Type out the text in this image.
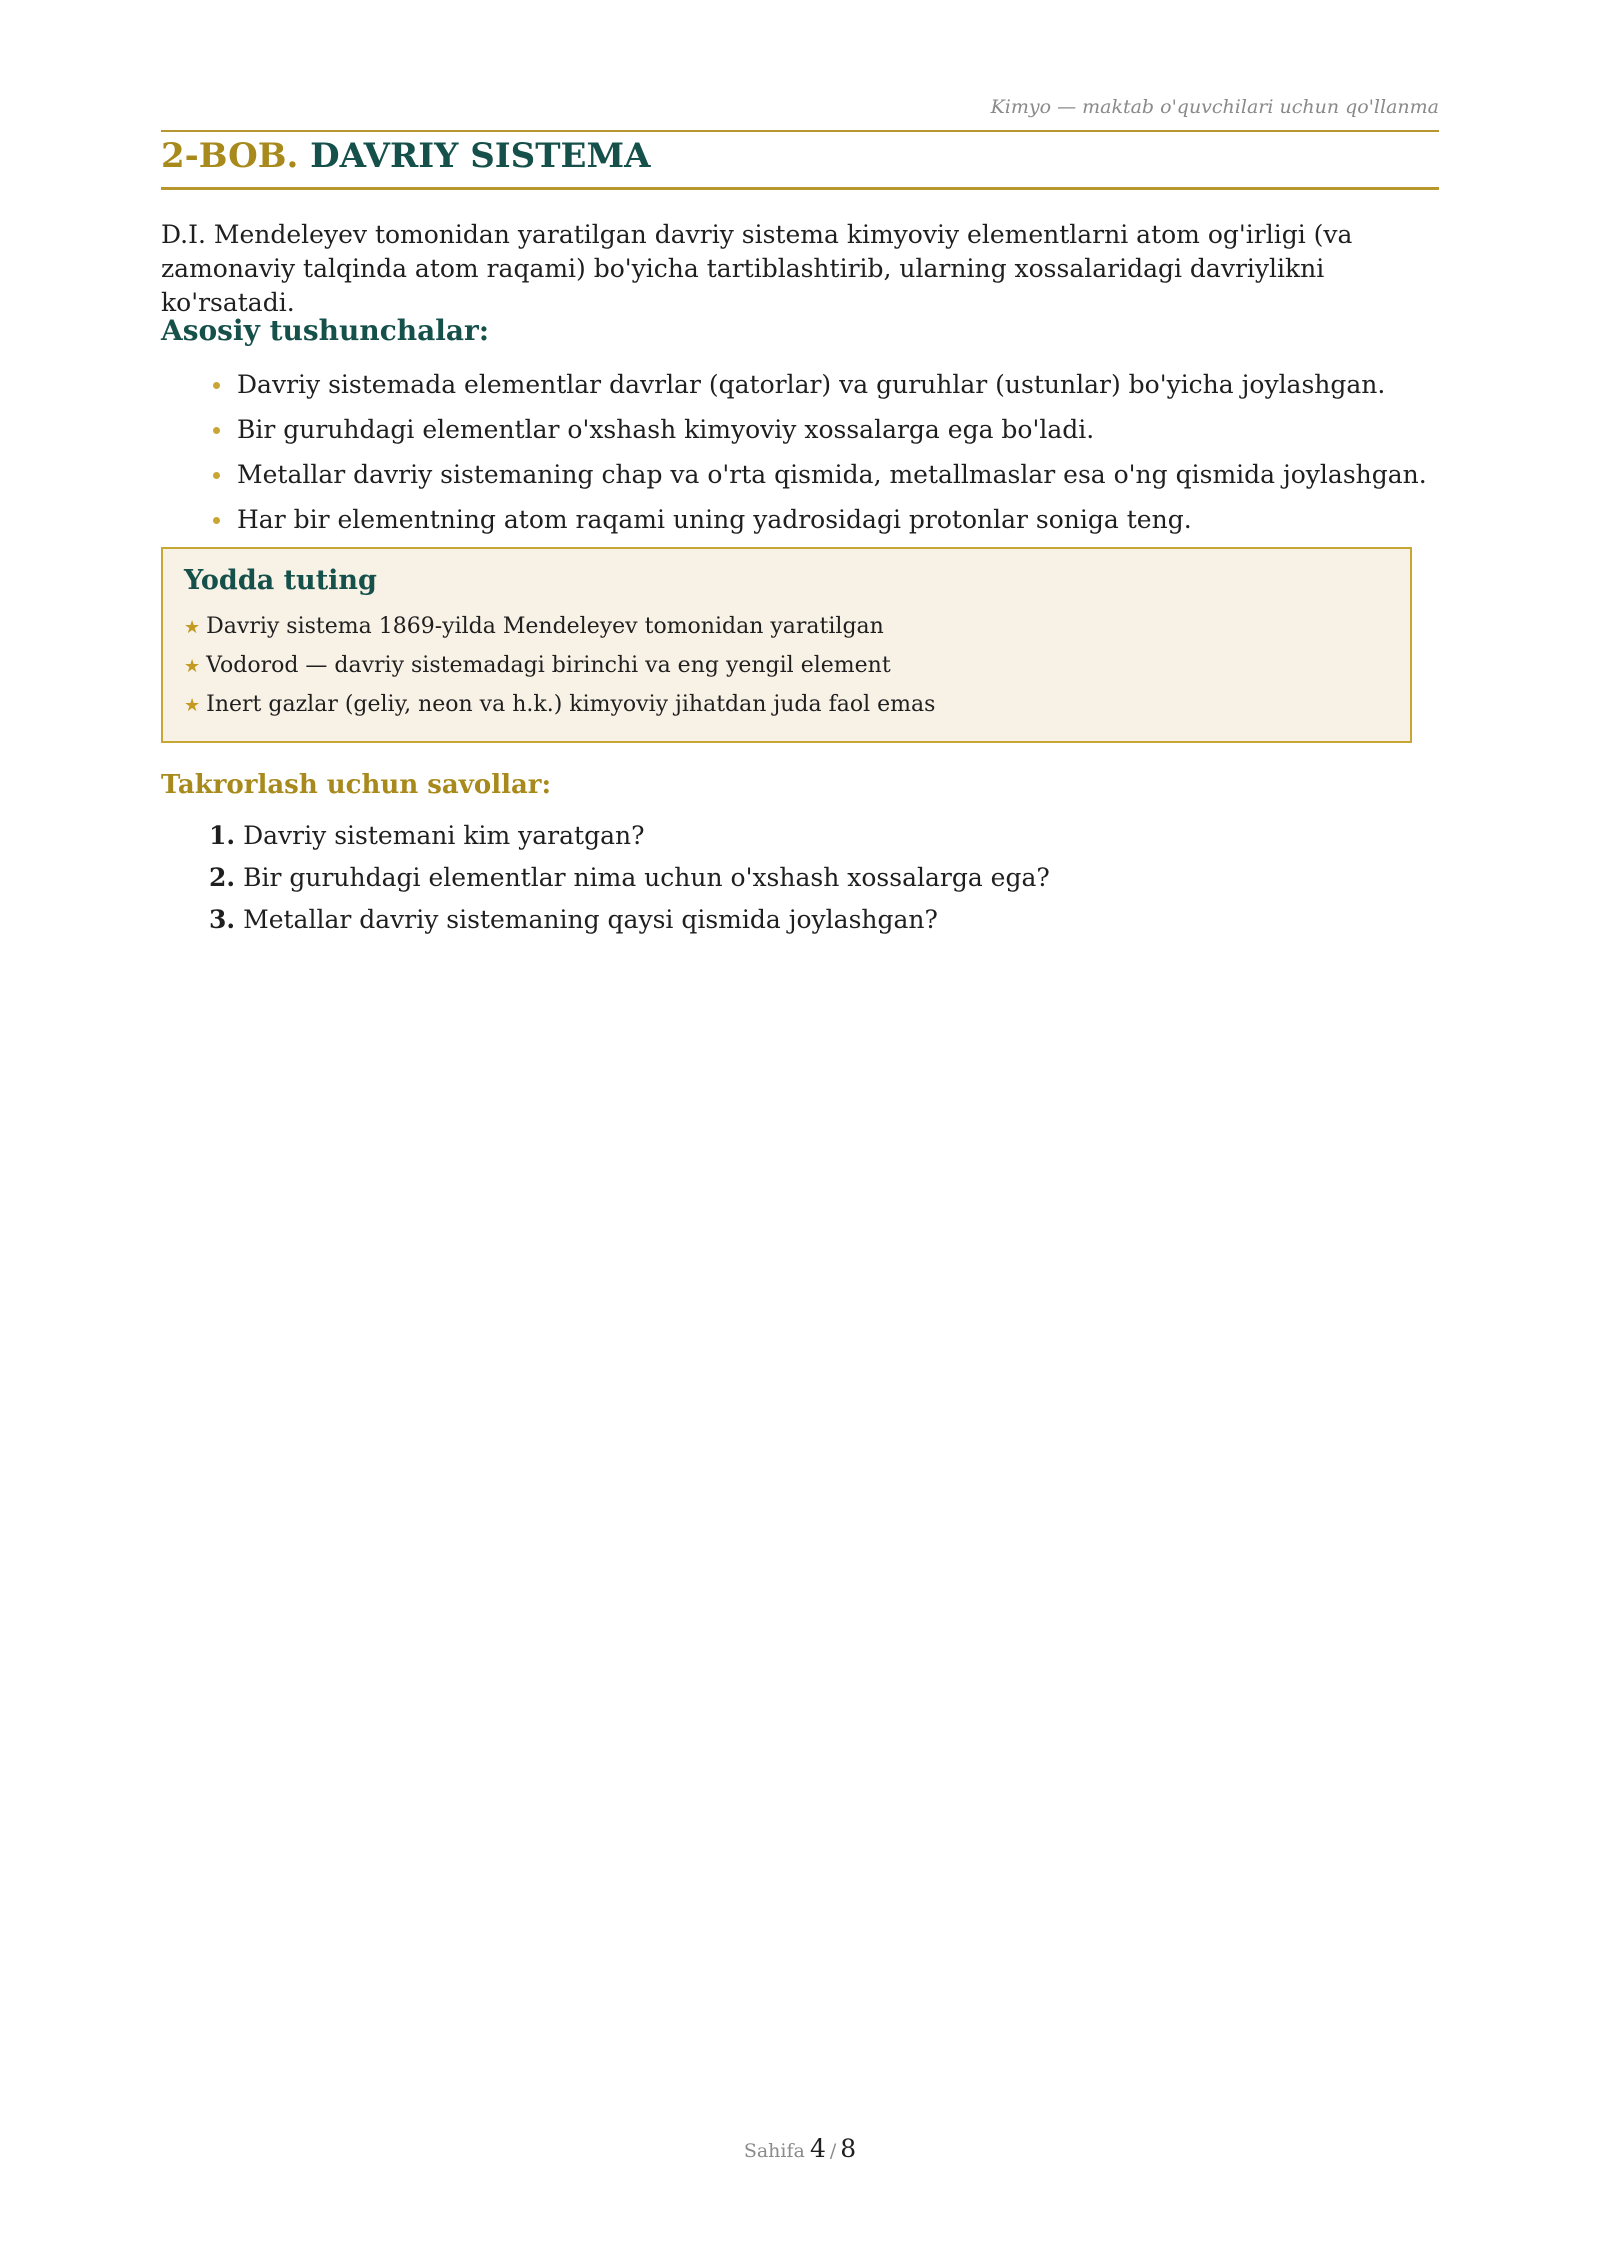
Kimyo — maktab o'quvchilari uchun qo'llanma
2-BOB. DAVRIY SISTEMA

D.I. Mendeleyev tomonidan yaratilgan davriy sistema kimyoviy elementlarni atom og'irligi (va zamonaviy talqinda atom raqami) bo'yicha tartiblashtirib, ularning xossalaridagi davriylikni ko'rsatadi.

Asosiy tushunchalar:
Davriy sistemada elementlar davrlar (qatorlar) va guruhlar (ustunlar) bo'yicha joylashgan.
Bir guruhdagi elementlar o'xshash kimyoviy xossalarga ega bo'ladi.
Metallar davriy sistemaning chap va o'rta qismida, metallmaslar esa o'ng qismida joylashgan.
Har bir elementning atom raqami uning yadrosidagi protonlar soniga teng.
Yodda tuting
★ Davriy sistema 1869-yilda Mendeleyev tomonidan yaratilgan
★ Vodorod — davriy sistemadagi birinchi va eng yengil element
★ Inert gazlar (geliy, neon va h.k.) kimyoviy jihatdan juda faol emas
Takrorlash uchun savollar:
1. Davriy sistemani kim yaratgan?
2. Bir guruhdagi elementlar nima uchun o'xshash xossalarga ega?
3. Metallar davriy sistemaning qaysi qismida joylashgan?
Sahifa 4 / 8
